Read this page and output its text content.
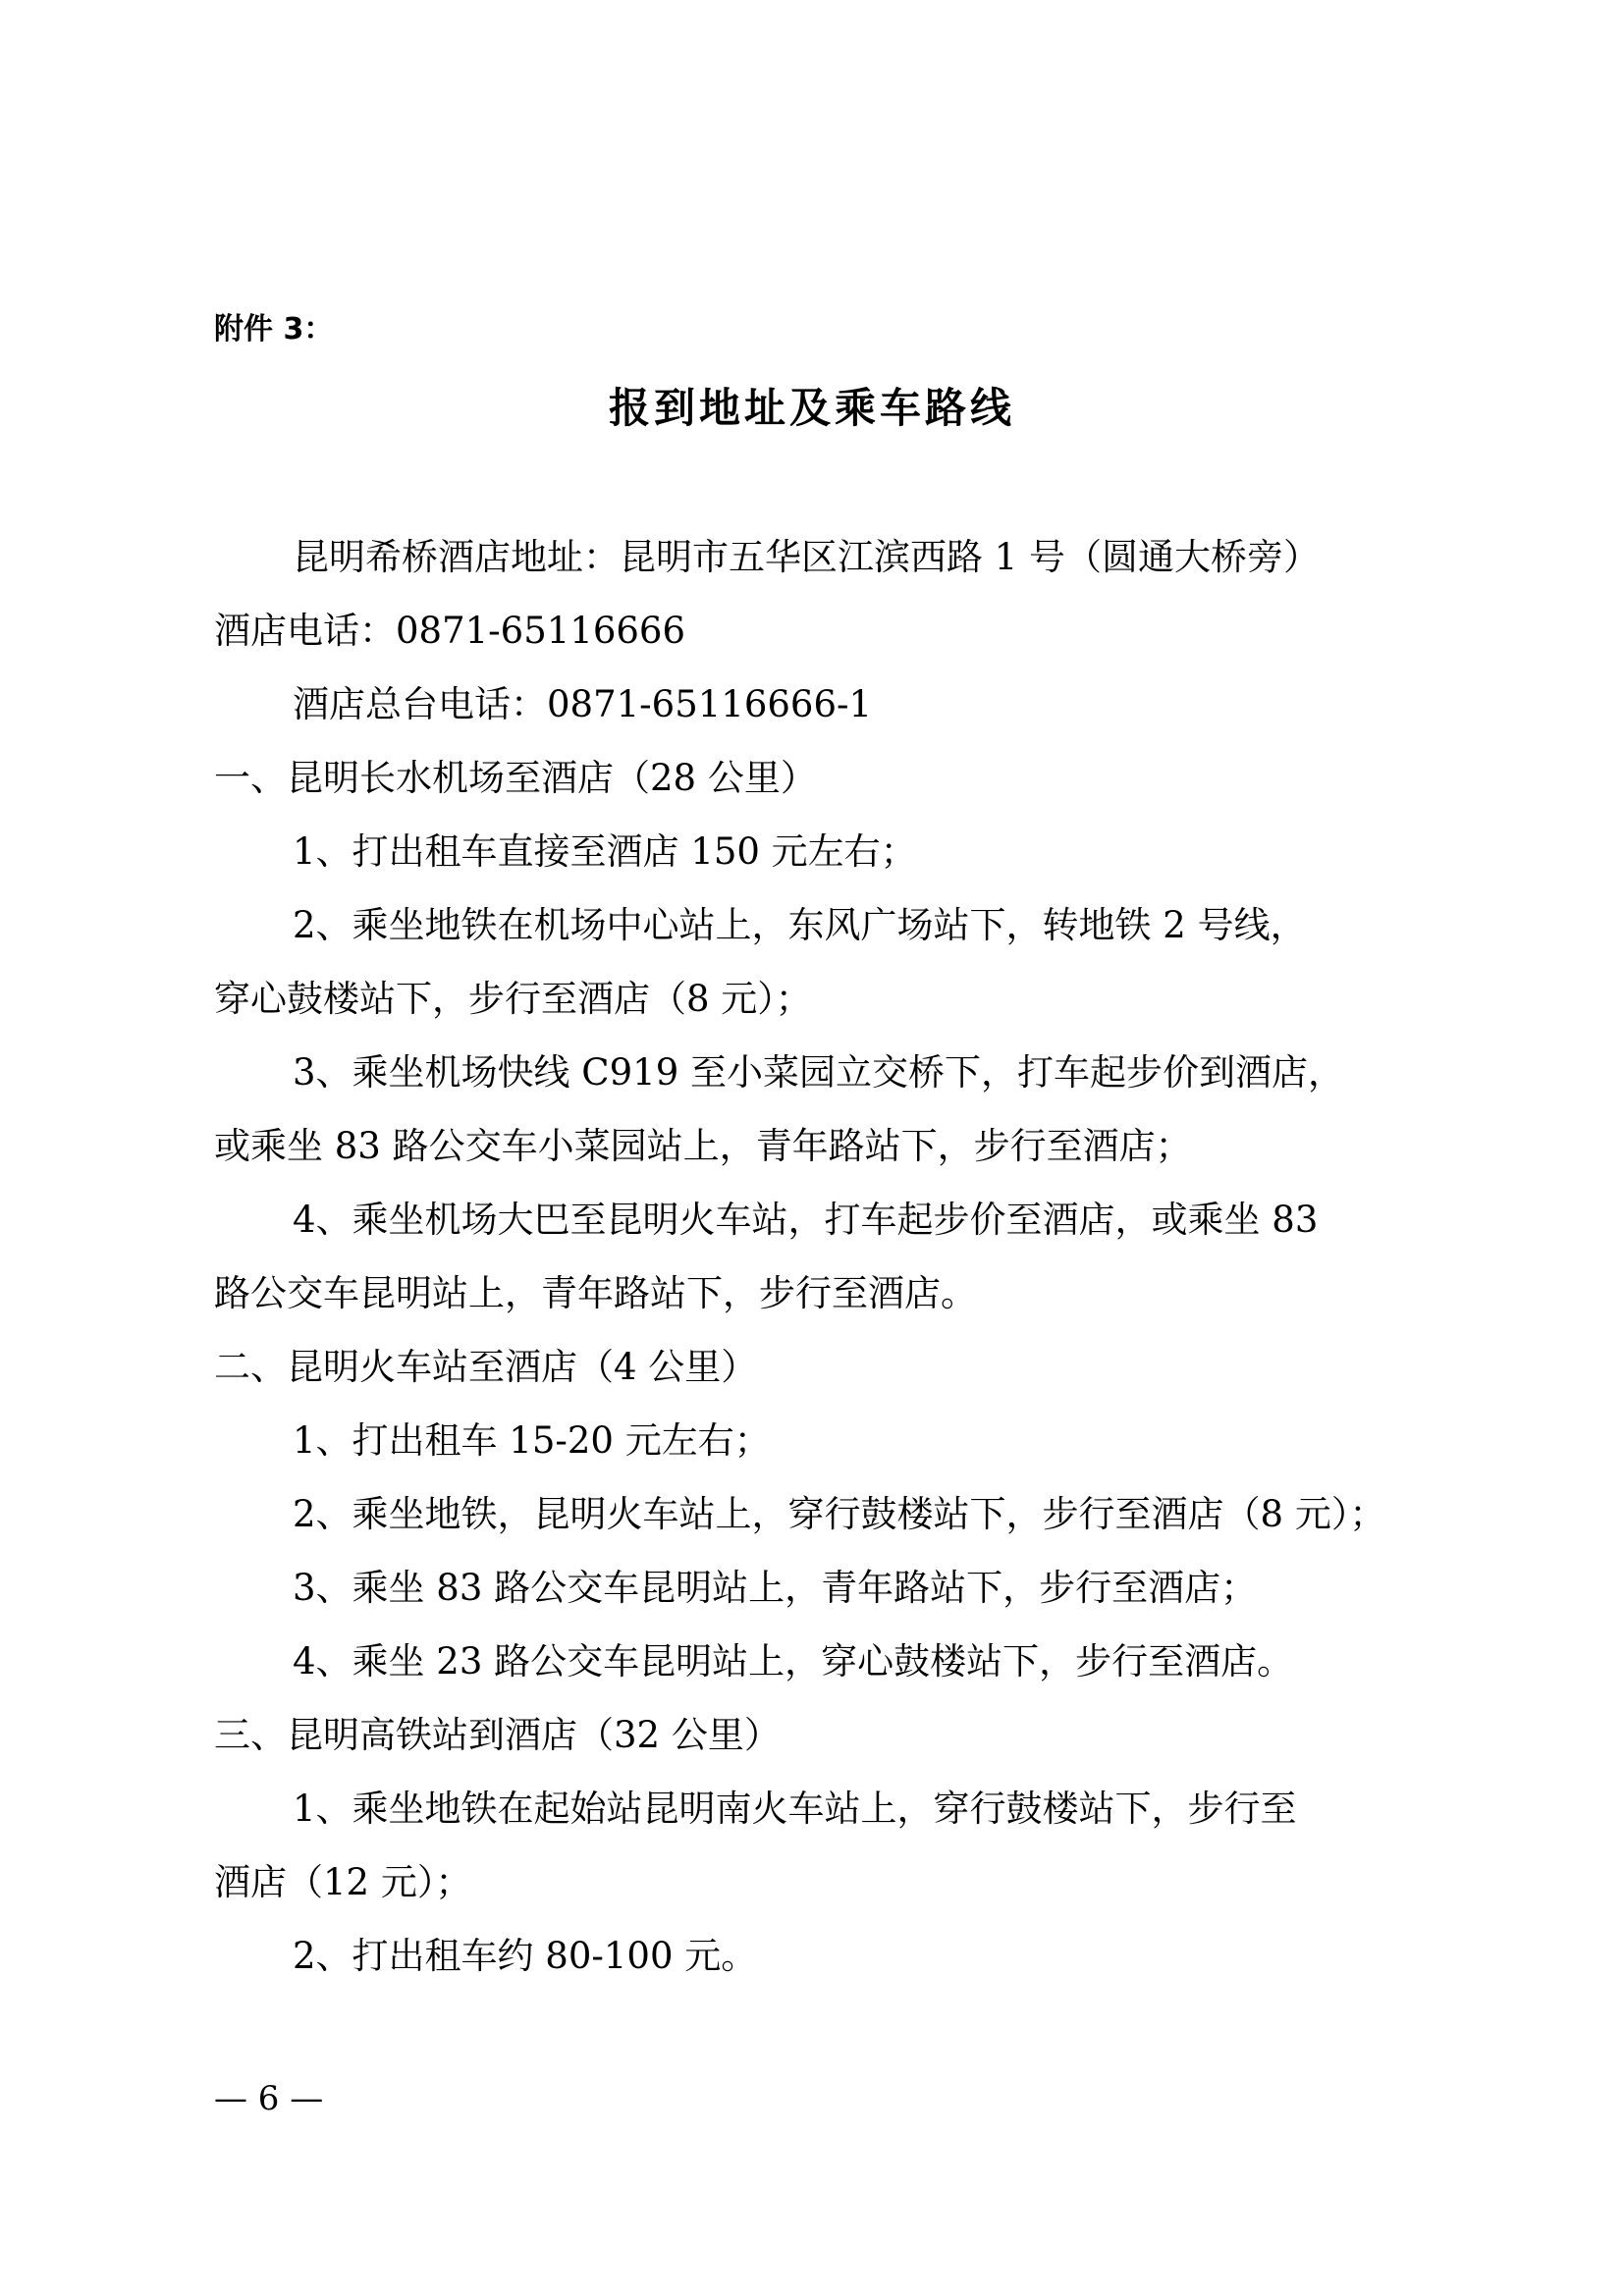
附件 3：
报到地址及乘车路线

昆明希桥酒店地址：昆明市五华区江滨西路 1 号（圆通大桥旁）

酒店电话：0871-65116666

酒店总台电话：0871-65116666-1

一、昆明长水机场至酒店（28 公里）

1、打出租车直接至酒店 150 元左右；

2、乘坐地铁在机场中心站上，东风广场站下，转地铁 2 号线，

穿心鼓楼站下，步行至酒店（8 元）；

3、乘坐机场快线 C919 至小菜园立交桥下，打车起步价到酒店，

或乘坐 83 路公交车小菜园站上，青年路站下，步行至酒店；

4、乘坐机场大巴至昆明火车站，打车起步价至酒店，或乘坐 83

路公交车昆明站上，青年路站下，步行至酒店。

二、昆明火车站至酒店（4 公里）

1、打出租车 15-20 元左右；

2、乘坐地铁，昆明火车站上，穿行鼓楼站下，步行至酒店（8 元）；

3、乘坐 83 路公交车昆明站上，青年路站下，步行至酒店；

4、乘坐 23 路公交车昆明站上，穿心鼓楼站下，步行至酒店。

三、昆明高铁站到酒店（32 公里）

1、乘坐地铁在起始站昆明南火车站上，穿行鼓楼站下，步行至

酒店（12 元）；

2、打出租车约 80-100 元。

— 6 —
